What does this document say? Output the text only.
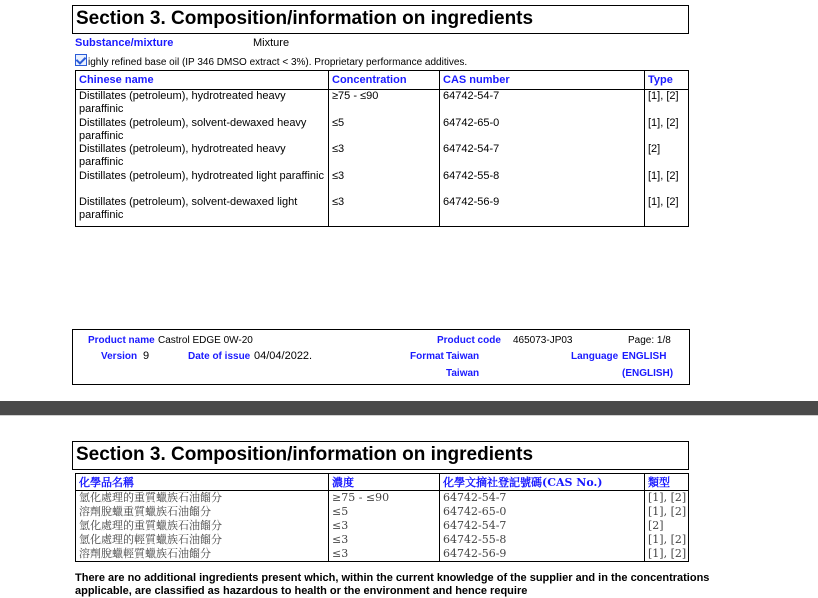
Section 3. Composition/information on ingredients
Substance/mixture	Mixture
ighly refined base oil (IP 346 DMSO extract < 3%). Proprietary performance additives.
Chinese name	Concentration	CAS number	Type
Distillates (petroleum), hydrotreated heavy paraffinic	≥75 - ≤90	64742-54-7	[1], [2]
Distillates (petroleum), solvent-dewaxed heavy paraffinic	≤5	64742-65-0	[1], [2]
Distillates (petroleum), hydrotreated heavy paraffinic	≤3	64742-54-7	[2]
Distillates (petroleum), hydrotreated light paraffinic	≤3	64742-55-8	[1], [2]
Distillates (petroleum), solvent-dewaxed light paraffinic	≤3	64742-56-9	[1], [2]
Product name Castrol EDGE 0W-20	Product code 465073-JP03	Page: 1/8
Version 9	Date of issue 04/04/2022.	Format Taiwan	Language ENGLISH
Taiwan	(ENGLISH)
Section 3. Composition/information on ingredients
化學品名稱	濃度	化學文摘社登記號碼(CAS No.)	類型
氫化處理的重質蠟族石油餾分	≥75 - ≤90	64742-54-7	[1], [2]
溶劑脫蠟重質蠟族石油餾分	≤5	64742-65-0	[1], [2]
氫化處理的重質蠟族石油餾分	≤3	64742-54-7	[2]
氫化處理的輕質蠟族石油餾分	≤3	64742-55-8	[1], [2]
溶劑脫蠟輕質蠟族石油餾分	≤3	64742-56-9	[1], [2]
There are no additional ingredients present which, within the current knowledge of the supplier and in the concentrations applicable, are classified as hazardous to health or the environment and hence require
